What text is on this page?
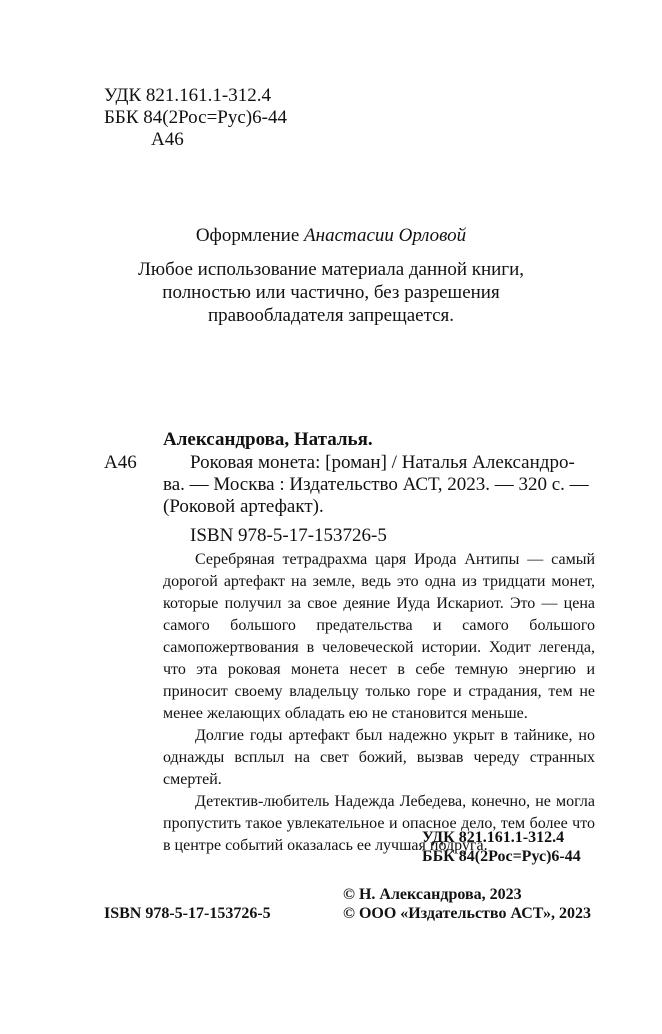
УДК 821.161.1-312.4
ББК 84(2Рос=Рус)6-44
А46
Оформление Анастасии Орловой
Любое использование материала данной книги,
полностью или частично, без разрешения
правообладателя запрещается.
Александрова, Наталья.
А46	Роковая монета: [роман] / Наталья Александро-
ва. — Москва : Издательство АСТ, 2023. — 320 с. —
(Роковой артефакт).
ISBN 978-5-17-153726-5

Серебряная тетрадрахма царя Ирода Антипы — самый дорогой артефакт на земле, ведь это одна из тридцати монет, которые получил за свое деяние Иуда Искариот. Это — цена самого большого предательства и самого большого самопожертвования в человеческой истории. Ходит легенда, что эта роковая монета несет в себе темную энергию и приносит своему владельцу только горе и страдания, тем не менее желающих обладать ею не становится меньше.

Долгие годы артефакт был надежно укрыт в тайнике, но однажды всплыл на свет божий, вызвав череду странных смертей.

Детектив-любитель Надежда Лебедева, конечно, не могла пропустить такое увлекательное и опасное дело, тем более что в центре событий оказалась ее лучшая подруга.

УДК 821.161.1-312.4
ББК 84(2Рос=Рус)6-44
© Н. Александрова, 2023
ISBN 978-5-17-153726-5	© ООО «Издательство АСТ», 2023
